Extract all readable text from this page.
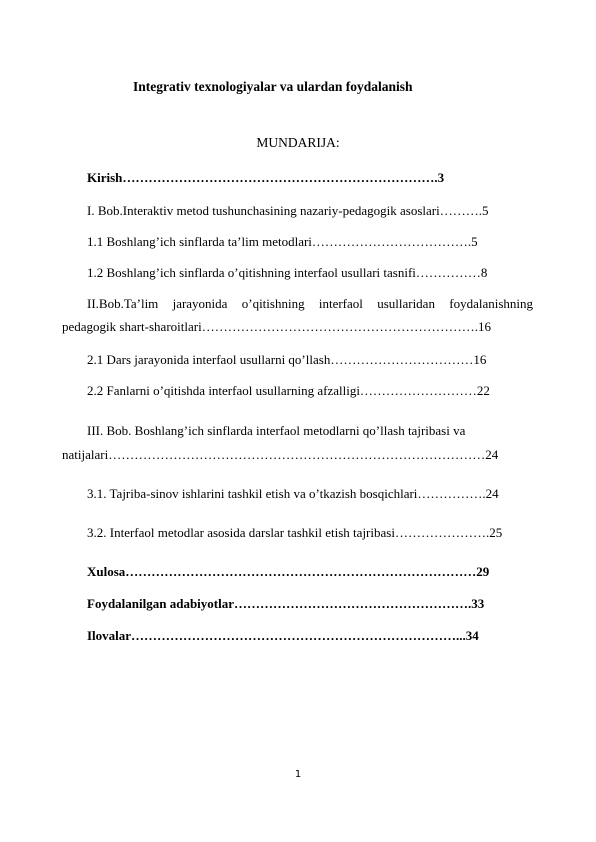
Integrativ texnologiyalar va ulardan foydalanish
MUNDARIJA:
Kirish……………………………………………………………….3
I. Bob.Interaktiv metod tushunchasining nazariy-pedagogik asoslari……….5
1.1 Boshlang’ich sinflarda ta’lim metodlari……………………………….5
1.2 Boshlang’ich sinflarda o’qitishning interfaol usullari tasnifi……………8
II.Bob.Ta’lim jarayonida o’qitishning interfaol usullaridan foydalanishning
pedagogik shart-sharoitlari……………………………………………………….16
2.1 Dars jarayonida interfaol usullarni qo’llash……………………………16
2.2 Fanlarni o’qitishda interfaol usullarning afzalligi………………………22
III. Bob. Boshlang’ich sinflarda interfaol metodlarni qo’llash tajribasi va
natijalari……………………………………………………………………………24
3.1. Tajriba-sinov ishlarini tashkil etish va o’tkazish bosqichlari…………….24
3.2. Interfaol metodlar asosida darslar tashkil etish tajribasi………………….25
Xulosa………………………………………………………………………29
Foydalanilgan adabiyotlar……………………………………………….33
Ilovalar…………………………………………………………………...34
1
